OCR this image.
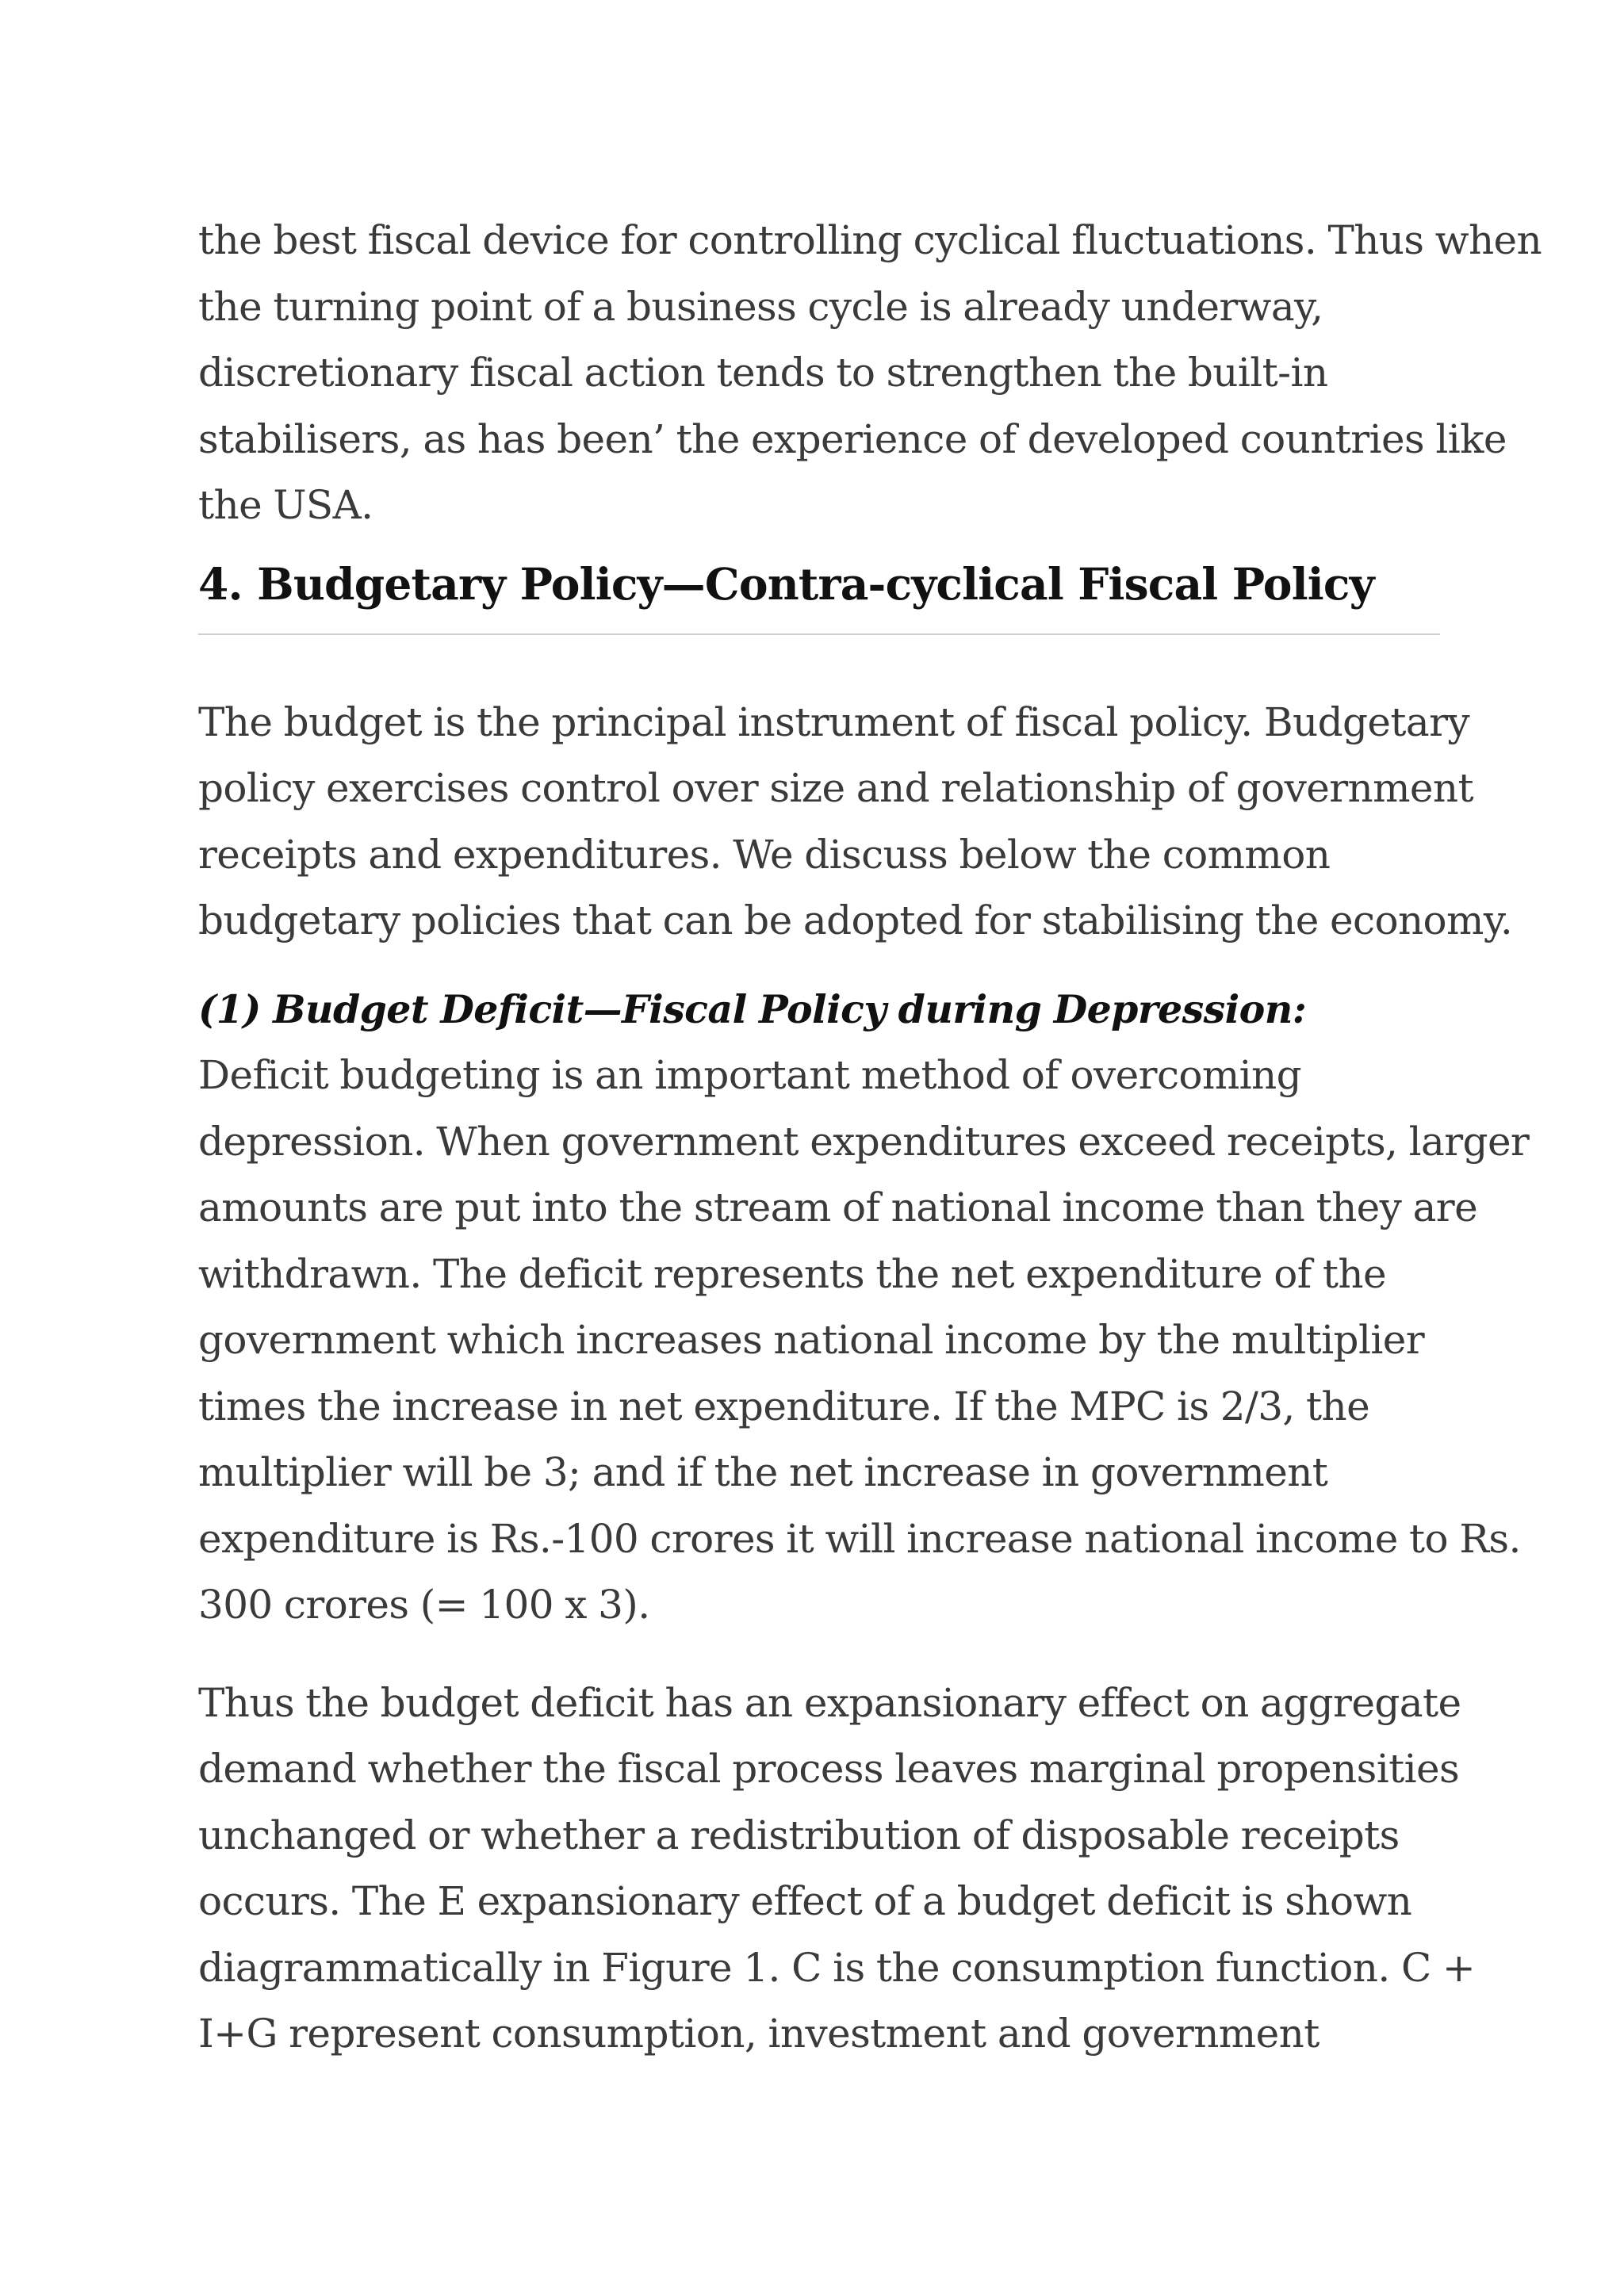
the best fiscal device for controlling cyclical fluctuations. Thus when
the turning point of a business cycle is already underway,
discretionary fiscal action tends to strengthen the built-in
stabilisers, as has been’ the experience of developed countries like
the USA.

4. Budgetary Policy—Contra-cyclical Fiscal Policy

The budget is the principal instrument of fiscal policy. Budgetary
policy exercises control over size and relationship of government
receipts and expenditures. We discuss below the common
budgetary policies that can be adopted for stabilising the economy.

(1) Budget Deficit—Fiscal Policy during Depression:
Deficit budgeting is an important method of overcoming
depression. When government expenditures exceed receipts, larger
amounts are put into the stream of national income than they are
withdrawn. The deficit represents the net expenditure of the
government which increases national income by the multiplier
times the increase in net expenditure. If the MPC is 2/3, the
multiplier will be 3; and if the net increase in government
expenditure is Rs.-100 crores it will increase national income to Rs.
300 crores (= 100 x 3).

Thus the budget deficit has an expansionary effect on aggregate
demand whether the fiscal process leaves marginal propensities
unchanged or whether a redistribution of disposable receipts
occurs. The E expansionary effect of a budget deficit is shown
diagrammatically in Figure 1. C is the consumption function. C +
I+G represent consumption, investment and government
